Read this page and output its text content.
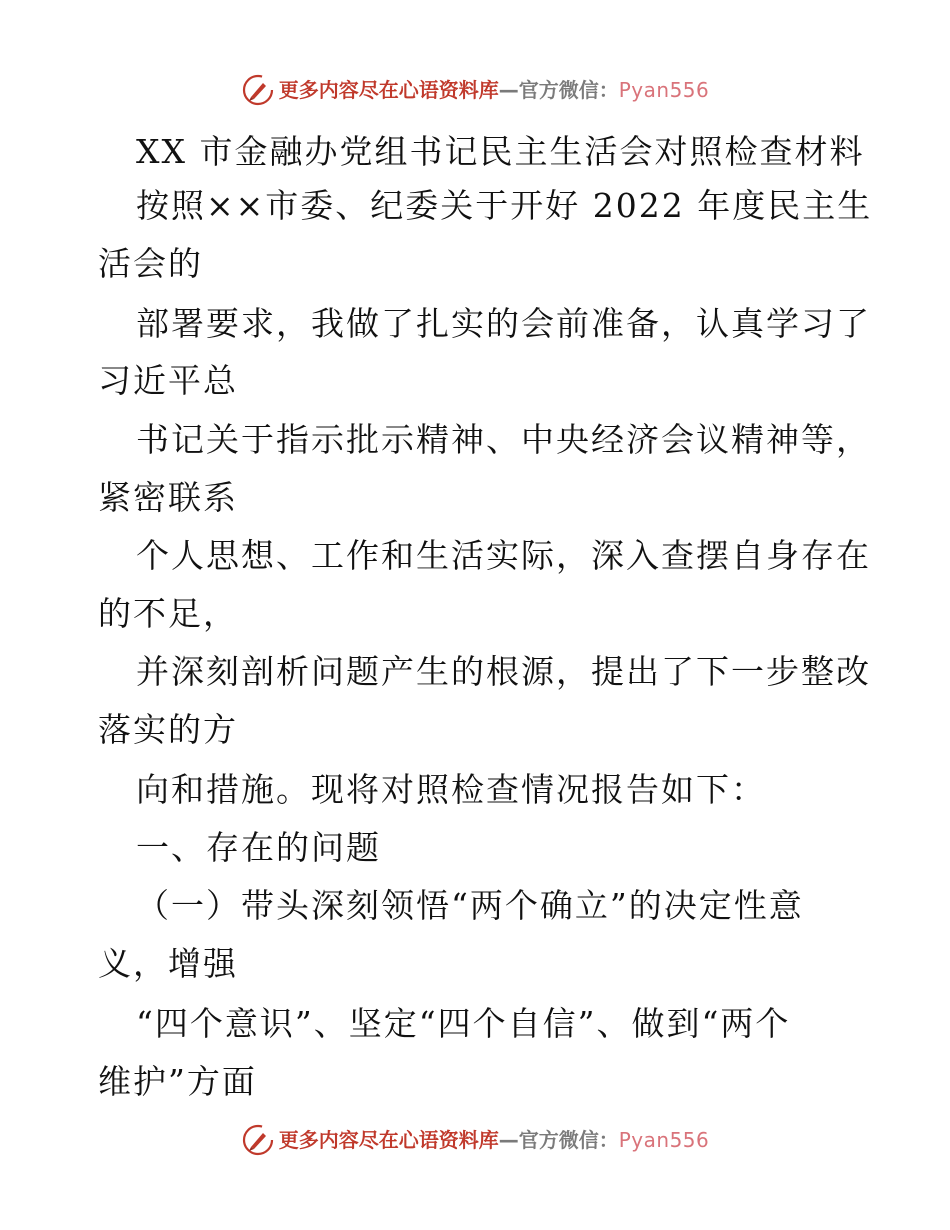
更多内容尽在心语资料库 —官方微信： Pyan556
XX 市金融办党组书记民主生活会对照检查材料
按照××市委、纪委关于开好 2022 年度民主生
活会的
部署要求，我做了扎实的会前准备，认真学习了
习近平总
书记关于指示批示精神、中央经济会议精神等，
紧密联系
个人思想、工作和生活实际，深入查摆自身存在
的不足，
并深刻剖析问题产生的根源，提出了下一步整改
落实的方
向和措施。现将对照检查情况报告如下：
一、存在的问题
（一）带头深刻领悟“两个确立”的决定性意
义，增强
“四个意识”、坚定“四个自信”、做到“两个
维护”方面
更多内容尽在心语资料库 —官方微信： Pyan556
